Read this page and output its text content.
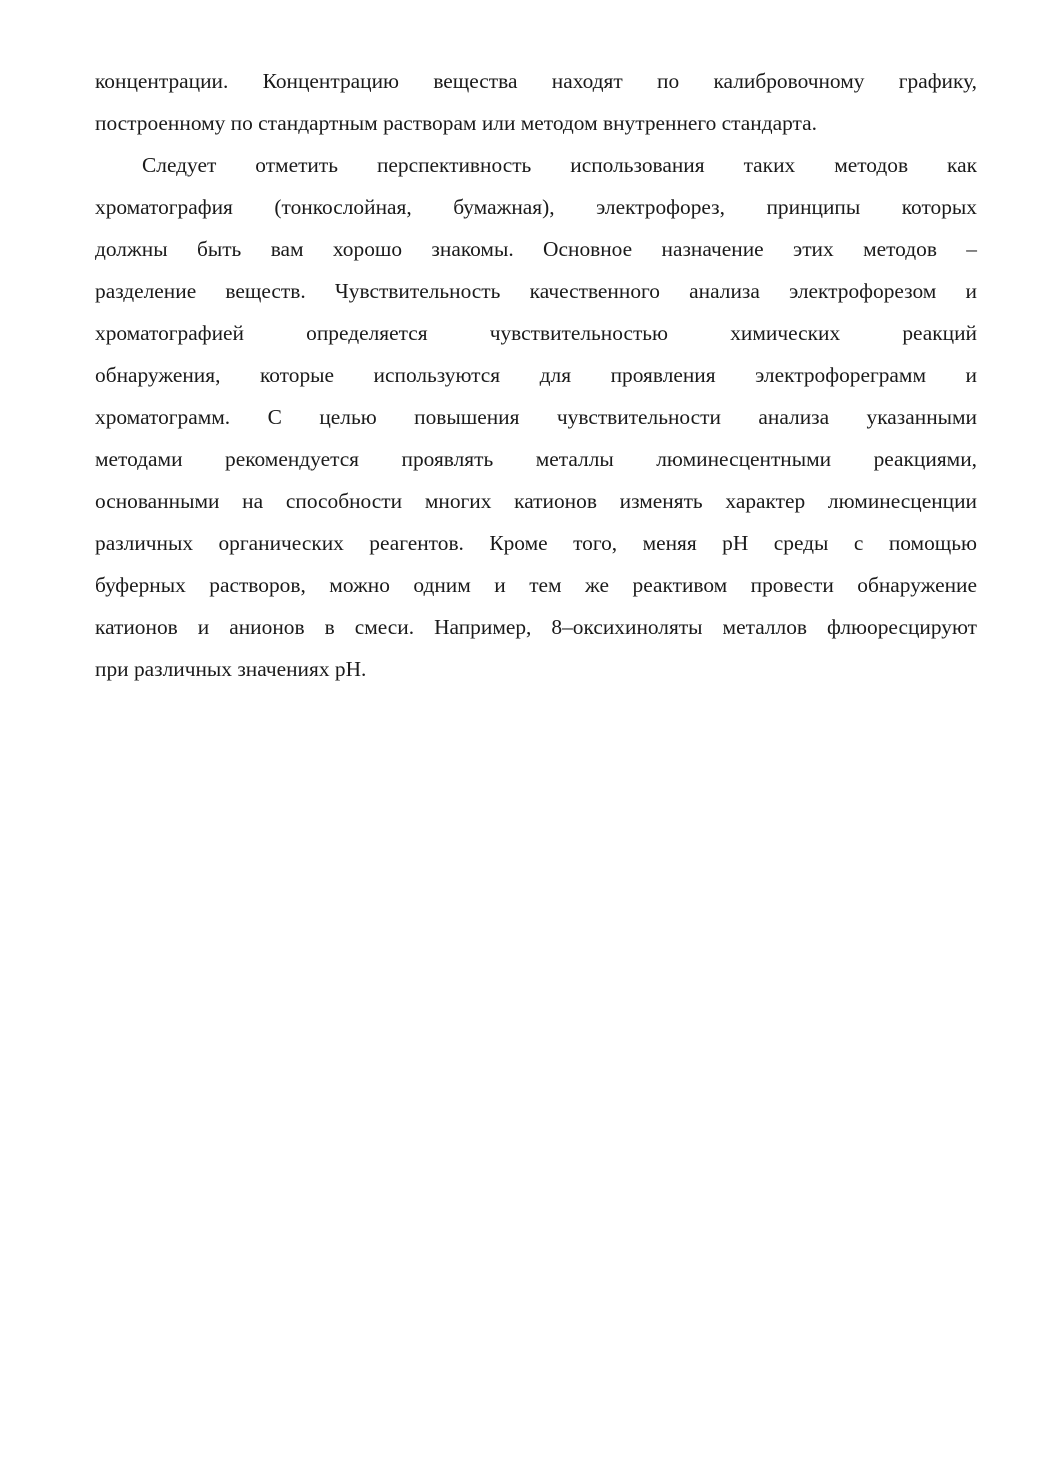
концентрации. Концентрацию вещества находят по калибровочному графику,
построенному по стандартным растворам или методом внутреннего стандарта.

Следует отметить перспективность использования таких методов как
хроматография (тонкослойная, бумажная), электрофорез, принципы которых
должны быть вам хорошо знакомы. Основное назначение этих методов –
разделение веществ. Чувствительность качественного анализа электрофорезом и
хроматографией определяется чувствительностью химических реакций
обнаружения, которые используются для проявления электрофореграмм и
хроматограмм. С целью повышения чувствительности анализа указанными
методами рекомендуется проявлять металлы люминесцентными реакциями,
основанными на способности многих катионов изменять характер люминесценции
различных органических реагентов. Кроме того, меняя pH среды с помощью
буферных растворов, можно одним и тем же реактивом провести обнаружение
катионов и анионов в смеси. Например, 8–оксихиноляты металлов флюоресцируют
при различных значениях pH.
